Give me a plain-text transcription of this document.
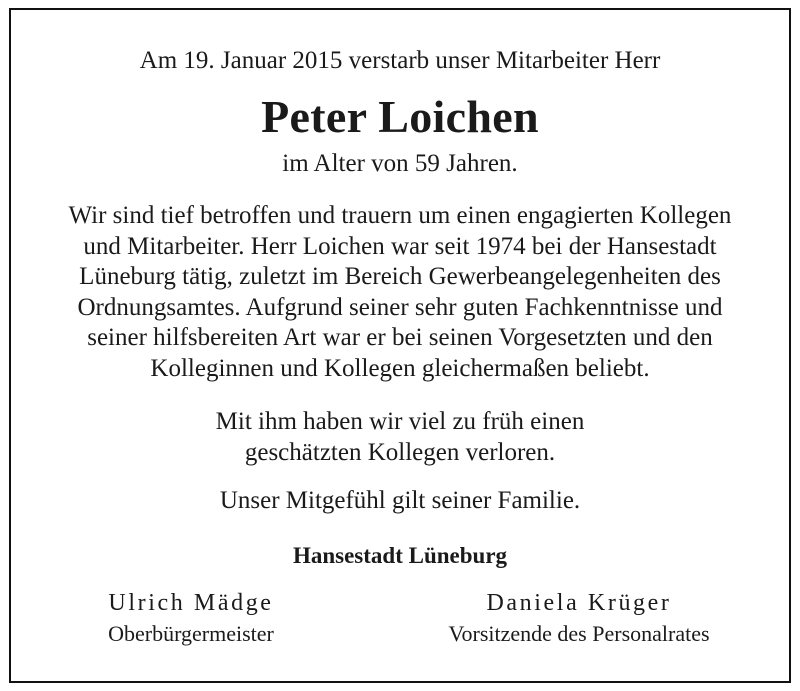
Am 19. Januar 2015 verstarb unser Mitarbeiter Herr
Peter Loichen
im Alter von 59 Jahren.
Wir sind tief betroffen und trauern um einen engagierten Kollegen
und Mitarbeiter. Herr Loichen war seit 1974 bei der Hansestadt
Lüneburg tätig, zuletzt im Bereich Gewerbeangelegenheiten des
Ordnungsamtes. Aufgrund seiner sehr guten Fachkenntnisse und
seiner hilfsbereiten Art war er bei seinen Vorgesetzten und den
Kolleginnen und Kollegen gleichermaßen beliebt.
Mit ihm haben wir viel zu früh einen
geschätzten Kollegen verloren.
Unser Mitgefühl gilt seiner Familie.
Hansestadt Lüneburg
Ulrich Mädge
Oberbürgermeister
Daniela Krüger
Vorsitzende des Personalrates
